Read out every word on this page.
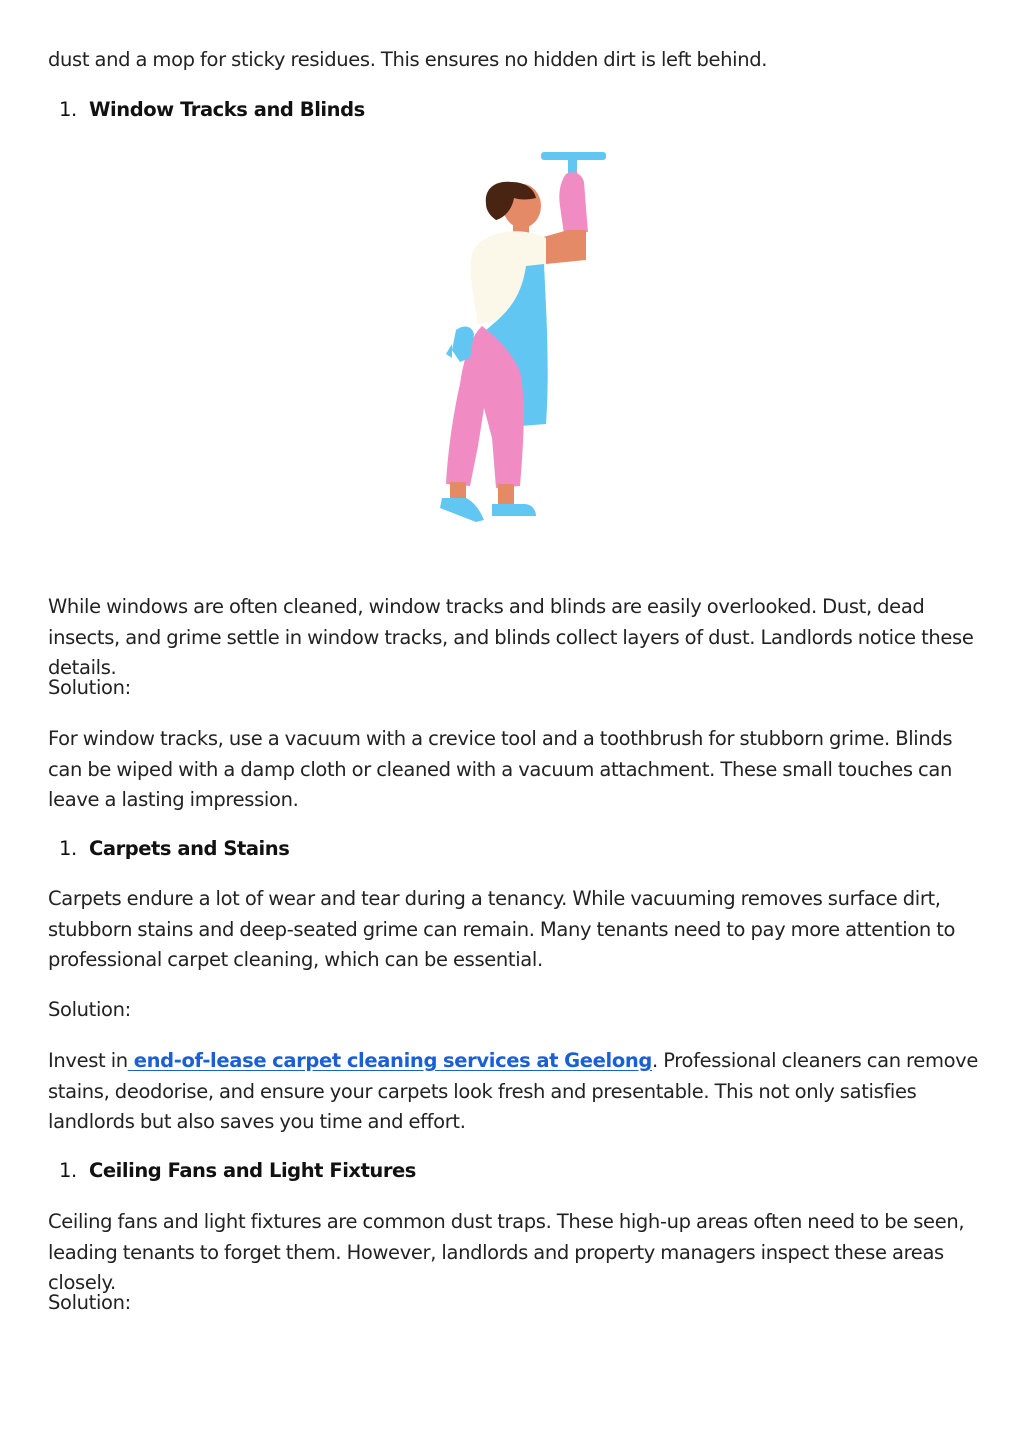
dust and a mop for sticky residues. This ensures no hidden dirt is left behind.

1. Window Tracks and Blinds

While windows are often cleaned, window tracks and blinds are easily overlooked. Dust, dead insects, and grime settle in window tracks, and blinds collect layers of dust. Landlords notice these details.

Solution:

For window tracks, use a vacuum with a crevice tool and a toothbrush for stubborn grime. Blinds can be wiped with a damp cloth or cleaned with a vacuum attachment. These small touches can leave a lasting impression.

1. Carpets and Stains

Carpets endure a lot of wear and tear during a tenancy. While vacuuming removes surface dirt, stubborn stains and deep-seated grime can remain. Many tenants need to pay more attention to professional carpet cleaning, which can be essential.

Solution:

Invest in end-of-lease carpet cleaning services at Geelong. Professional cleaners can remove stains, deodorise, and ensure your carpets look fresh and presentable. This not only satisfies landlords but also saves you time and effort.

1. Ceiling Fans and Light Fixtures

Ceiling fans and light fixtures are common dust traps. These high-up areas often need to be seen, leading tenants to forget them. However, landlords and property managers inspect these areas closely.

Solution:
